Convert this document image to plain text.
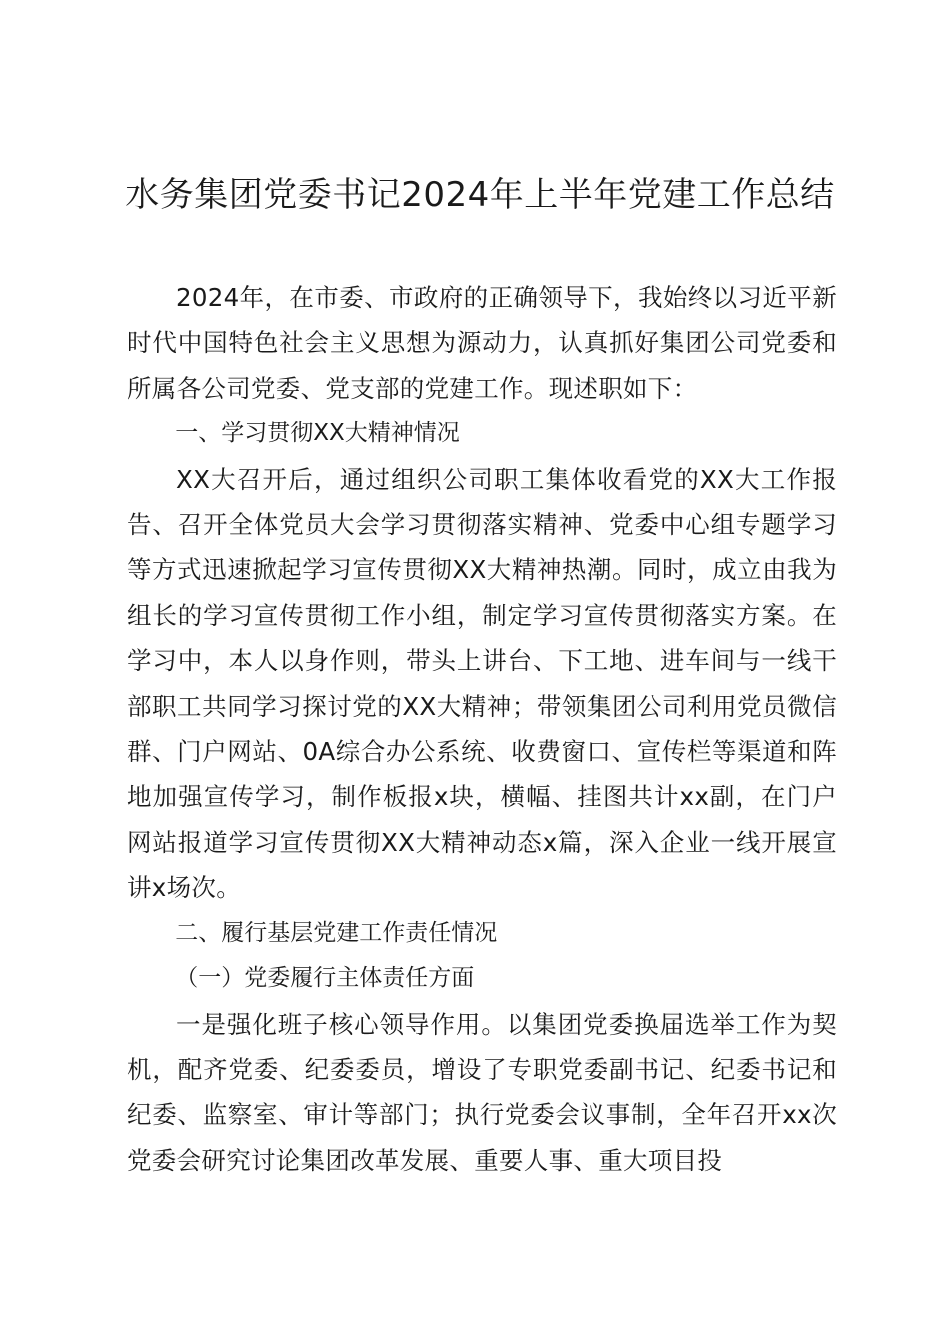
水务集团党委书记2024年上半年党建工作总结

2024年，在市委、市政府的正确领导下，我始终以习近平新时代中国特色社会主义思想为源动力，认真抓好集团公司党委和所属各公司党委、党支部的党建工作。现述职如下：

一、学习贯彻XX大精神情况

XX大召开后，通过组织公司职工集体收看党的XX大工作报告、召开全体党员大会学习贯彻落实精神、党委中心组专题学习等方式迅速掀起学习宣传贯彻XX大精神热潮。同时，成立由我为组长的学习宣传贯彻工作小组，制定学习宣传贯彻落实方案。在学习中，本人以身作则，带头上讲台、下工地、进车间与一线干部职工共同学习探讨党的XX大精神；带领集团公司利用党员微信群、门户网站、0A综合办公系统、收费窗口、宣传栏等渠道和阵地加强宣传学习，制作板报x块，横幅、挂图共计xx副，在门户网站报道学习宣传贯彻XX大精神动态x篇，深入企业一线开展宣讲x场次。

二、履行基层党建工作责任情况

（一）党委履行主体责任方面

一是强化班子核心领导作用。以集团党委换届选举工作为契机，配齐党委、纪委委员，增设了专职党委副书记、纪委书记和纪委、监察室、审计等部门；执行党委会议事制，全年召开xx次党委会研究讨论集团改革发展、重要人事、重大项目投
